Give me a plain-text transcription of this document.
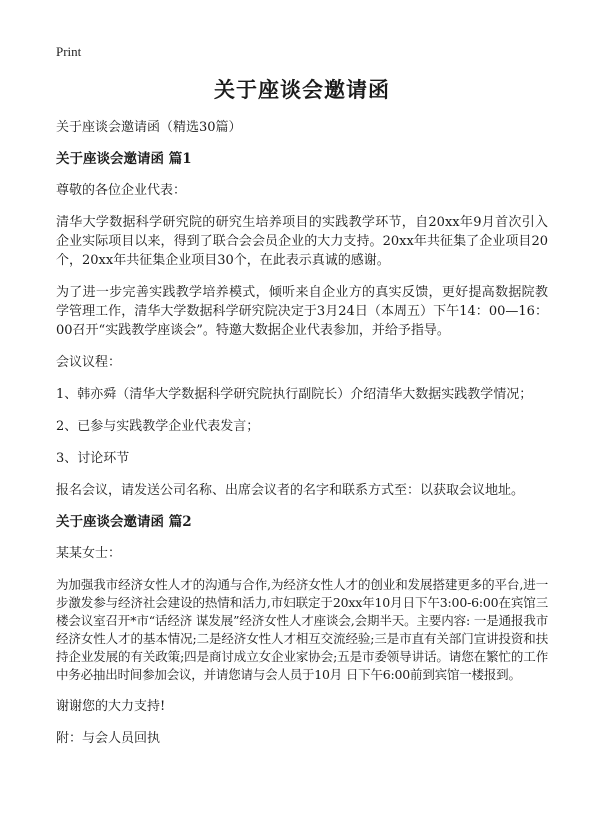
Print
关于座谈会邀请函
关于座谈会邀请函（精选30篇）
关于座谈会邀请函 篇1
尊敬的各位企业代表：
清华大学数据科学研究院的研究生培养项目的实践教学环节，自20xx年9月首次引入企业实际项目以来，得到了联合会会员企业的大力支持。20xx年共征集了企业项目20个，20xx年共征集企业项目30个，在此表示真诚的感谢。
为了进一步完善实践教学培养模式，倾听来自企业方的真实反馈，更好提高数据院教学管理工作，清华大学数据科学研究院决定于3月24日（本周五）下午14：00—16：00召开“实践教学座谈会”。特邀大数据企业代表参加，并给予指导。
会议议程：
1、韩亦舜（清华大学数据科学研究院执行副院长）介绍清华大数据实践教学情况；
2、已参与实践教学企业代表发言；
3、讨论环节
报名会议，请发送公司名称、出席会议者的名字和联系方式至：以获取会议地址。
关于座谈会邀请函 篇2
某某女士：
为加强我市经济女性人才的沟通与合作,为经济女性人才的创业和发展搭建更多的平台,进一步激发参与经济社会建设的热情和活力,市妇联定于20xx年10月日下午3:00-6:00在宾馆三楼会议室召开*市“话经济 谋发展”经济女性人才座谈会,会期半天。主要内容: 一是通报我市经济女性人才的基本情况;二是经济女性人才相互交流经验;三是市直有关部门宣讲投资和扶持企业发展的有关政策;四是商讨成立女企业家协会;五是市委领导讲话。请您在繁忙的工作中务必抽出时间参加会议，并请您请与会人员于10月 日下午6:00前到宾馆一楼报到。
谢谢您的大力支持!
附：与会人员回执
